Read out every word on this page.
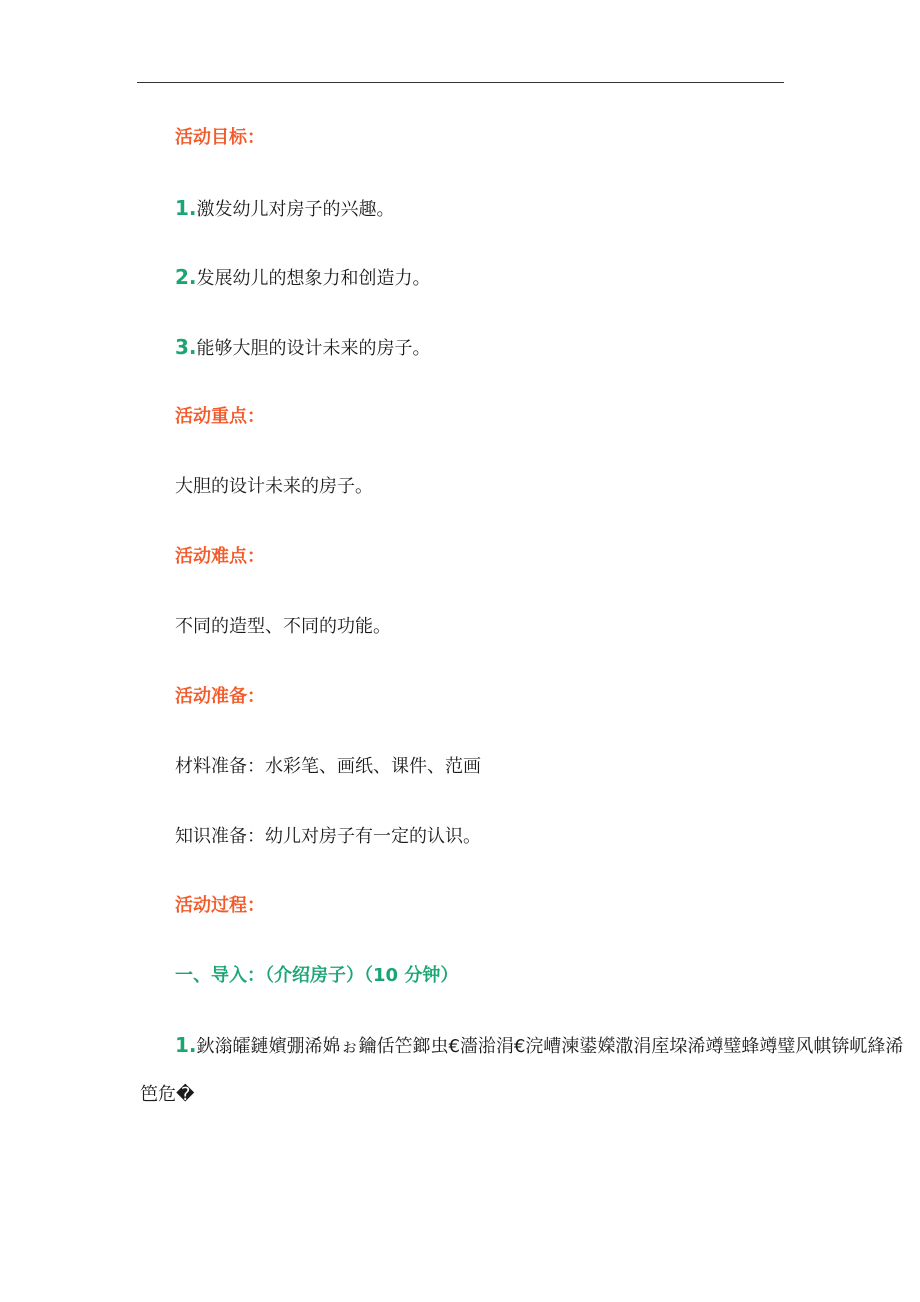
活动目标：
1.激发幼儿对房子的兴趣。
2.发展幼儿的想象力和创造力。
3.能够大胆的设计未来的房子。
活动重点：
大胆的设计未来的房子。
活动难点：
不同的造型、不同的功能。
活动准备：
材料准备：水彩笔、画纸、课件、范画
知识准备：幼儿对房子有一定的认识。
活动过程：
一、导入：（介绍房子）（10 分钟）
1.鈥滃皬鏈嬪弸浠婂ぉ鑰佸笀鎯虫€濇湁涓€浣嶆湅鍙嬫潵涓庢垜浠竴璧蜂竴璧风帺锛屼綘浠
笆危�
